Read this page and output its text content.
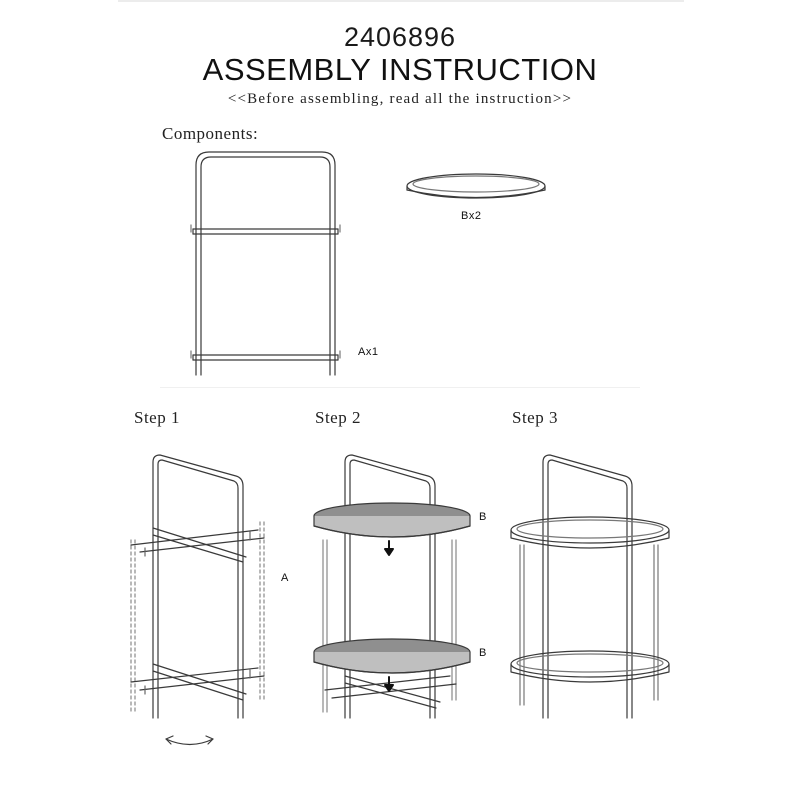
2406896
ASSEMBLY INSTRUCTION
<<Before assembling, read all the instruction>>
Components:
Bx2
Ax1
Step 1	Step 2	Step 3
A
B
B
